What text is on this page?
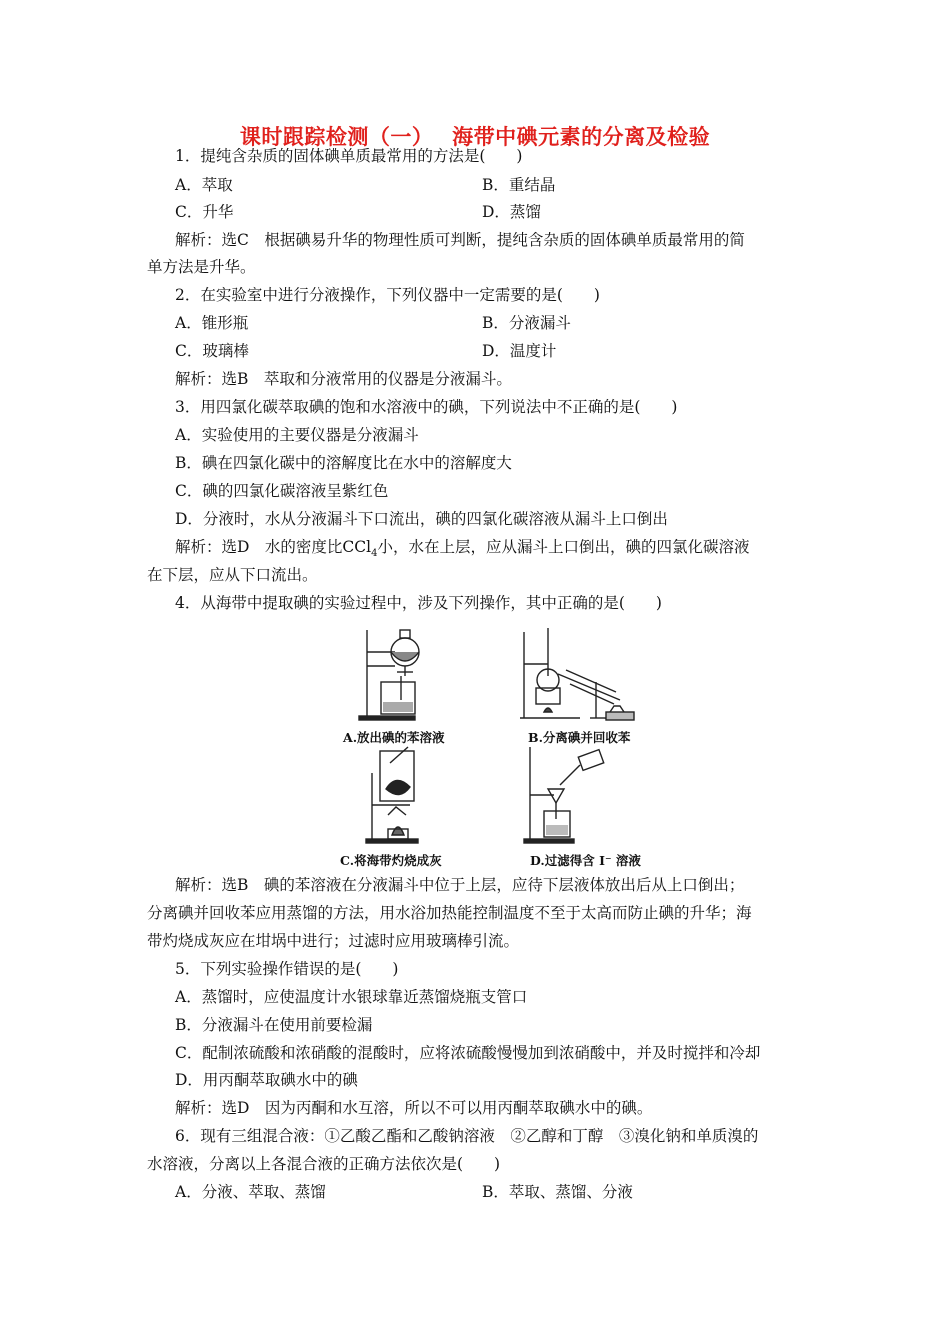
课时跟踪检测（一）　 海带中碘元素的分离及检验
1．提纯含杂质的固体碘单质最常用的方法是(　　)
A．萃取	B．重结晶
C．升华	D．蒸馏
解析：选C　根据碘易升华的物理性质可判断，提纯含杂质的固体碘单质最常用的简
单方法是升华。
2．在实验室中进行分液操作，下列仪器中一定需要的是(　　)
A．锥形瓶	B．分液漏斗
C．玻璃棒	D．温度计
解析：选B　萃取和分液常用的仪器是分液漏斗。
3．用四氯化碳萃取碘的饱和水溶液中的碘，下列说法中不正确的是(　　)
A．实验使用的主要仪器是分液漏斗
B．碘在四氯化碳中的溶解度比在水中的溶解度大
C．碘的四氯化碳溶液呈紫红色
D．分液时，水从分液漏斗下口流出，碘的四氯化碳溶液从漏斗上口倒出
解析：选D　水的密度比CCl$_4$小，水在上层，应从漏斗上口倒出，碘的四氯化碳溶液
在下层，应从下口流出。
4．从海带中提取碘的实验过程中，涉及下列操作，其中正确的是(　　)
A.放出碘的苯溶液	B.分离碘并回收苯
C.将海带灼烧成灰	D.过滤得含 I⁻ 溶液
解析：选B　碘的苯溶液在分液漏斗中位于上层，应待下层液体放出后从上口倒出；
分离碘并回收苯应用蒸馏的方法，用水浴加热能控制温度不至于太高而防止碘的升华；海
带灼烧成灰应在坩埚中进行；过滤时应用玻璃棒引流。
5．下列实验操作错误的是(　　)
A．蒸馏时，应使温度计水银球靠近蒸馏烧瓶支管口
B．分液漏斗在使用前要检漏
C．配制浓硫酸和浓硝酸的混酸时，应将浓硫酸慢慢加到浓硝酸中，并及时搅拌和冷却
D．用丙酮萃取碘水中的碘
解析：选D　因为丙酮和水互溶，所以不可以用丙酮萃取碘水中的碘。
6．现有三组混合液：①乙酸乙酯和乙酸钠溶液　②乙醇和丁醇　③溴化钠和单质溴的
水溶液，分离以上各混合液的正确方法依次是(　　)
A．分液、萃取、蒸馏	B．萃取、蒸馏、分液
